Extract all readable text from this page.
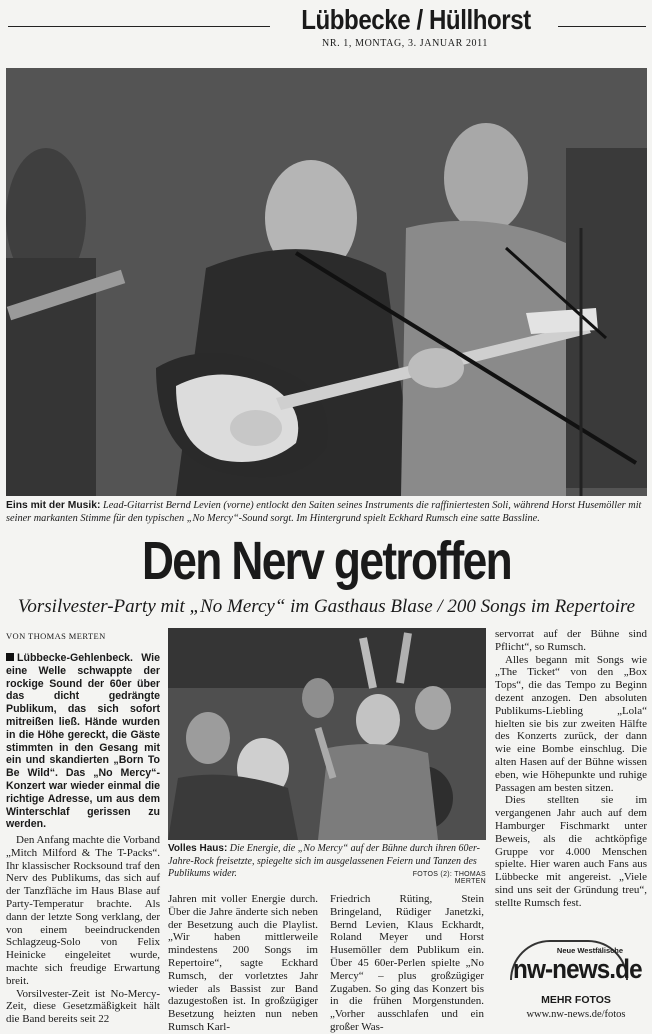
Lübbecke / Hüllhorst
NR. 1, MONTAG, 3. JANUAR 2011
Eins mit der Musik: Lead-Gitarrist Bernd Levien (vorne) entlockt den Saiten seines Instruments die raffiniertesten Soli, während Horst Husemöller mit seiner markanten Stimme für den typischen „No Mercy“-Sound sorgt. Im Hintergrund spielt Eckhard Rumsch eine satte Bassline.
Den Nerv getroffen
Vorsilvester-Party mit „No Mercy“ im Gasthaus Blase / 200 Songs im Repertoire
VON THOMAS MERTEN

Lübbecke-Gehlenbeck. Wie eine Welle schwappte der rockige Sound der 60er über das dicht gedrängte Publikum, das sich sofort mitreißen ließ. Hände wurden in die Höhe gereckt, die Gäste stimmten in den Gesang mit ein und skandierten „Born To Be Wild“. Das „No Mercy“-Konzert war wieder einmal die richtige Adresse, um aus dem Winterschlaf gerissen zu werden.

Den Anfang machte die Vorband „Mitch Milford & The T-Packs“. Ihr klassischer Rocksound traf den Nerv des Publikums, das sich auf der Tanzfläche im Haus Blase auf Party-Temperatur brachte. Als dann der letzte Song verklang, der von einem beeindruckenden Schlagzeug-Solo von Felix Heinicke eingeleitet wurde, machte sich freudige Erwartung breit.

Vorsilvester-Zeit ist No-Mercy-Zeit, diese Gesetzmäßigkeit hält die Band bereits seit 22

Volles Haus: Die Energie, die „No Mercy“ auf der Bühne durch ihren 60er-Jahre-Rock freisetzte, spiegelte sich im ausgelassenen Feiern und Tanzen des Publikums wider.	FOTOS (2): THOMAS MERTEN

Jahren mit voller Energie durch. Über die Jahre änderte sich neben der Besetzung auch die Playlist. „Wir haben mittlerweile mindestens 200 Songs im Repertoire“, sagte Eckhard Rumsch, der vorletztes Jahr wieder als Bassist zur Band dazugestoßen ist. In großzügiger Besetzung heizten nun neben Rumsch Karl-

Friedrich Rüting, Stein Bringeland, Rüdiger Janetzki, Bernd Levien, Klaus Eckhardt, Roland Meyer und Horst Husemöller dem Publikum ein. Über 45 60er-Perlen spielte „No Mercy“ – plus großzügiger Zugaben. So ging das Konzert bis in die frühen Morgenstunden. „Vorher ausschlafen und ein großer Was-

servorrat auf der Bühne sind Pflicht“, so Rumsch.

Alles begann mit Songs wie „The Ticket“ von den „Box Tops“, die das Tempo zu Beginn dezent anzogen. Den absoluten Publikums-Liebling „Lola“ hielten sie bis zur zweiten Hälfte des Konzerts zurück, der dann wie eine Bombe einschlug. Die alten Hasen auf der Bühne wissen eben, wie Höhepunkte und ruhige Passagen am besten sitzen.

Dies stellten sie im vergangenen Jahr auch auf dem Hamburger Fischmarkt unter Beweis, als die achtköpfige Gruppe vor 4.000 Menschen spielte. Hier waren auch Fans aus Lübbecke mit angereist. „Viele sind uns seit der Gründung treu“, stellte Rumsch fest.

Neue Westfälische
nw-news.de
MEHR FOTOS
www.nw-news.de/fotos
